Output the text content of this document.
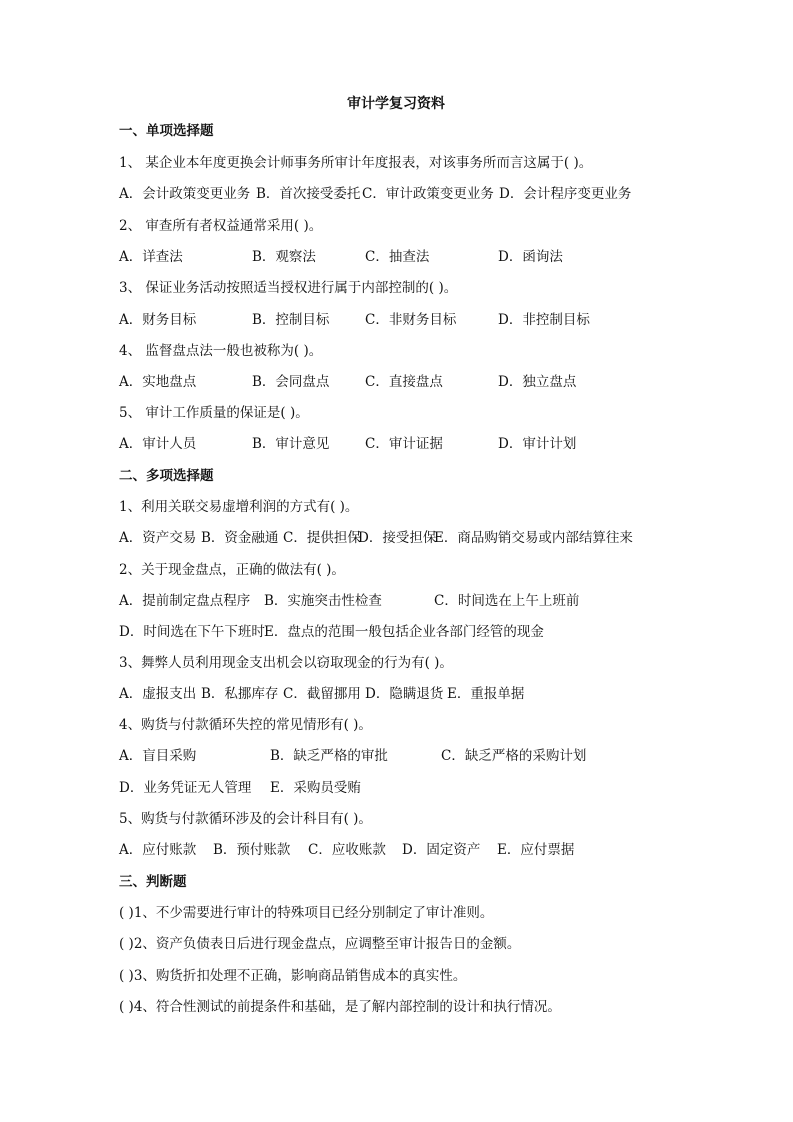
审计学复习资料
一、单项选择题
1、 某企业本年度更换会计师事务所审计年度报表，对该事务所而言这属于( )。
A．会计政策变更业务 B．首次接受委托 C．审计政策变更业务 D．会计程序变更业务
2、 审查所有者权益通常采用( )。
A．详查法	B．观察法	C．抽查法	D．函询法
3、 保证业务活动按照适当授权进行属于内部控制的( )。
A．财务目标	B．控制目标	C．非财务目标	D．非控制目标
4、 监督盘点法一般也被称为( )。
A．实地盘点	B．会同盘点	C．直接盘点	D．独立盘点
5、 审计工作质量的保证是( )。
A．审计人员	B．审计意见	C．审计证据	D．审计计划
二、多项选择题
1、利用关联交易虚增利润的方式有( )。
A．资产交易 B．资金融通 C．提供担保
D．接受担保
E．商品购销交易或内部结算往来
2、关于现金盘点，正确的做法有( )。
A．提前制定盘点程序 B．实施突击性检查	C．时间选在上午上班前
D．时间选在下午下班时 E．盘点的范围一般包括企业各部门经管的现金
3、舞弊人员利用现金支出机会以窃取现金的行为有( )。
A．虚报支出 B．私挪库存 C．截留挪用 D．隐瞒退货 E．重报单据
4、购货与付款循环失控的常见情形有( )。
A．盲目采购	B．缺乏严格的审批	C．缺乏严格的采购计划
D．业务凭证无人管理 E．采购员受贿
5、购货与付款循环涉及的会计科目有( )。
A．应付账款 B．预付账款 C．应收账款 D．固定资产 E．应付票据
三、判断题
( )1、不少需要进行审计的特殊项目已经分别制定了审计准则。
( )2、资产负债表日后进行现金盘点，应调整至审计报告日的金额。
( )3、购货折扣处理不正确，影响商品销售成本的真实性。
( )4、符合性测试的前提条件和基础，是了解内部控制的设计和执行情况。
